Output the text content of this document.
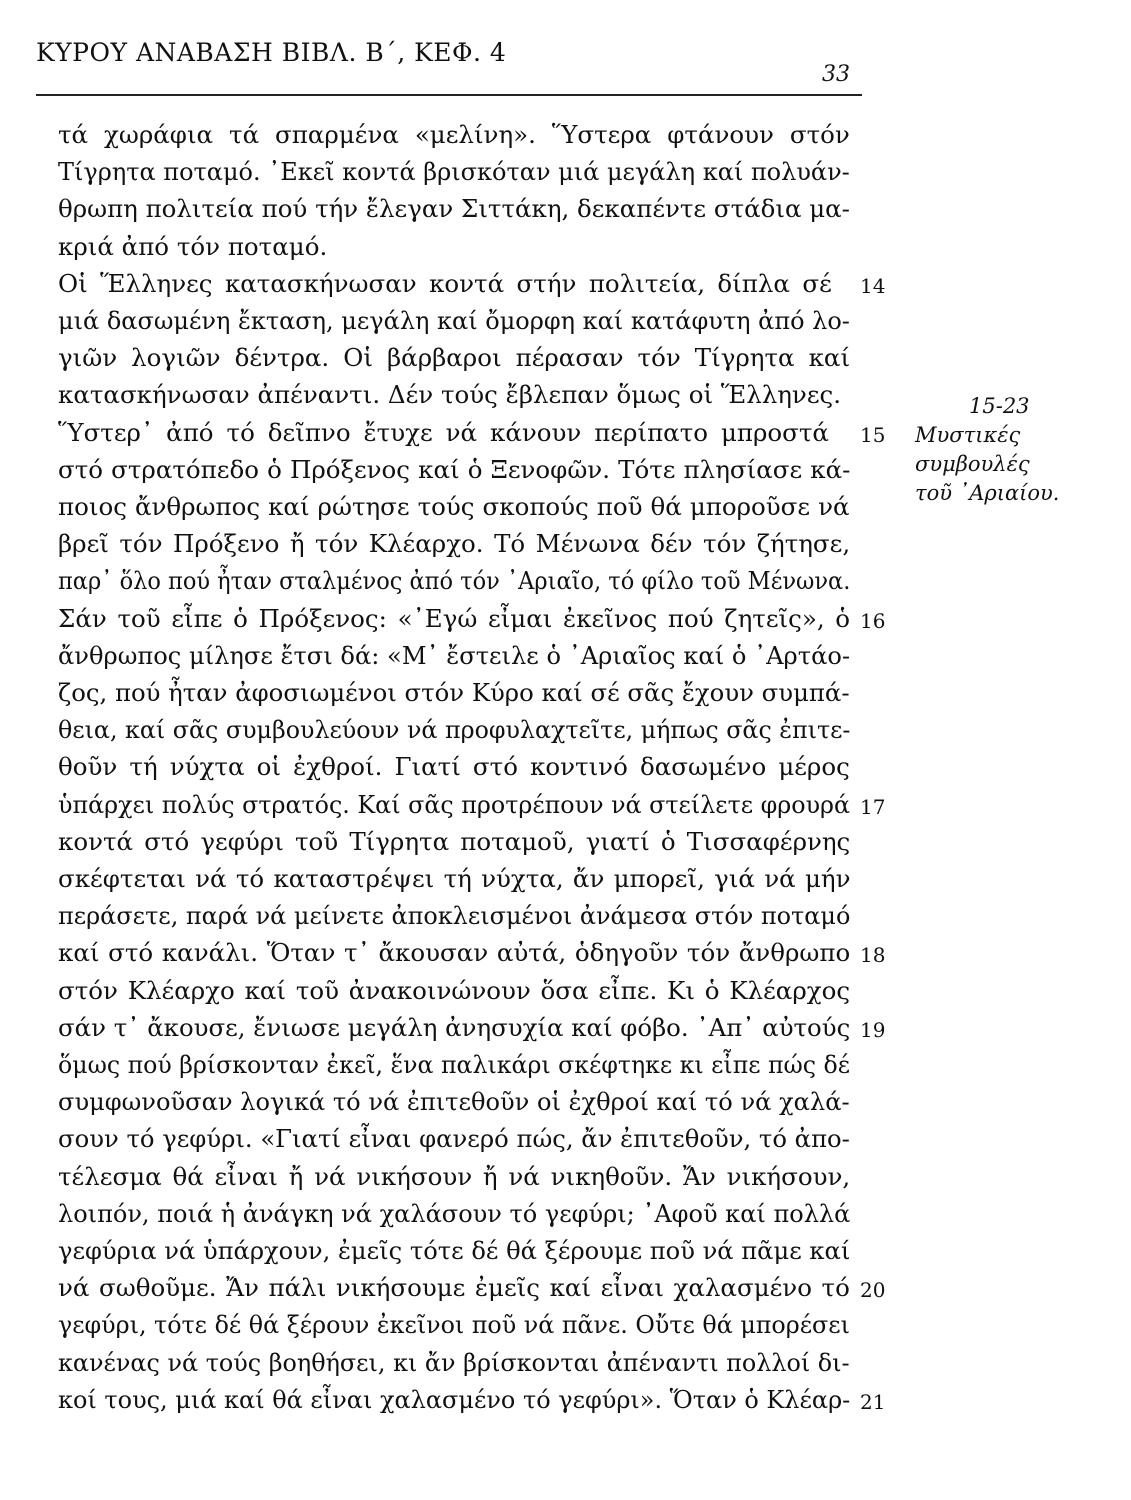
ΚΥΡΟΥ ΑΝΑΒΑΣΗ ΒΙΒΛ. Β΄, ΚΕΦ. 4
33
τά χωράφια τά σπαρμένα «μελίνη». Ὕστερα φτάνουν στόν
Τίγρητα ποταμό. ᾿Εκεῖ κοντά βρισκόταν μιά μεγάλη καί πολυάν-
θρωπη πολιτεία πού τήν ἔλεγαν Σιττάκη, δεκαπέντε στάδια μα-
κριά ἀπό τόν ποταμό.
Οἱ Ἕλληνες κατασκήνωσαν κοντά στήν πολιτεία, δίπλα σέ 14
μιά δασωμένη ἔκταση, μεγάλη καί ὄμορφη καί κατάφυτη ἀπό λο-
γιῶν λογιῶν δέντρα. Οἱ βάρβαροι πέρασαν τόν Τίγρητα καί
κατασκήνωσαν ἀπέναντι. Δέν τούς ἔβλεπαν ὅμως οἱ Ἕλληνες.
Ὕστερ᾿ ἀπό τό δεῖπνο ἔτυχε νά κάνουν περίπατο μπροστά 15
στό στρατόπεδο ὁ Πρόξενος καί ὁ Ξενοφῶν. Τότε πλησίασε κά-
ποιος ἄνθρωπος καί ρώτησε τούς σκοπούς ποῦ θά μποροῦσε νά
βρεῖ τόν Πρόξενο ἤ τόν Κλέαρχο. Τό Μένωνα δέν τόν ζήτησε,
παρ᾿ ὅλο πού ἦταν σταλμένος ἀπό τόν ᾿Αριαῖο, τό φίλο τοῦ Μένωνα.
Σάν τοῦ εἶπε ὁ Πρόξενος: «᾿Εγώ εἶμαι ἐκεῖνος πού ζητεῖς», ὁ 16
ἄνθρωπος μίλησε ἔτσι δά: «Μ᾿ ἔστειλε ὁ ᾿Αριαῖος καί ὁ ᾿Αρτάο-
ζος, πού ἦταν ἀφοσιωμένοι στόν Κύρο καί σέ σᾶς ἔχουν συμπά-
θεια, καί σᾶς συμβουλεύουν νά προφυλαχτεῖτε, μήπως σᾶς ἐπιτε-
θοῦν τή νύχτα οἱ ἐχθροί. Γιατί στό κοντινό δασωμένο μέρος
ὑπάρχει πολύς στρατός. Καί σᾶς προτρέπουν νά στείλετε φρουρά 17
κοντά στό γεφύρι τοῦ Τίγρητα ποταμοῦ, γιατί ὁ Τισσαφέρνης
σκέφτεται νά τό καταστρέψει τή νύχτα, ἄν μπορεῖ, γιά νά μήν
περάσετε, παρά νά μείνετε ἀποκλεισμένοι ἀνάμεσα στόν ποταμό
καί στό κανάλι. Ὅταν τ᾿ ἄκουσαν αὐτά, ὁδηγοῦν τόν ἄνθρωπο 18
στόν Κλέαρχο καί τοῦ ἀνακοινώνουν ὅσα εἶπε. Κι ὁ Κλέαρχος
σάν τ᾿ ἄκουσε, ἔνιωσε μεγάλη ἀνησυχία καί φόβο. ᾿Απ᾿ αὐτούς 19
ὅμως πού βρίσκονταν ἐκεῖ, ἕνα παλικάρι σκέφτηκε κι εἶπε πώς δέ
συμφωνοῦσαν λογικά τό νά ἐπιτεθοῦν οἱ ἐχθροί καί τό νά χαλά-
σουν τό γεφύρι. «Γιατί εἶναι φανερό πώς, ἄν ἐπιτεθοῦν, τό ἀπο-
τέλεσμα θά εἶναι ἤ νά νικήσουν ἤ νά νικηθοῦν. Ἄν νικήσουν,
λοιπόν, ποιά ἡ ἀνάγκη νά χαλάσουν τό γεφύρι; ᾿Αφοῦ καί πολλά
γεφύρια νά ὑπάρχουν, ἐμεῖς τότε δέ θά ξέρουμε ποῦ νά πᾶμε καί
νά σωθοῦμε. Ἄν πάλι νικήσουμε ἐμεῖς καί εἶναι χαλασμένο τό 20
γεφύρι, τότε δέ θά ξέρουν ἐκεῖνοι ποῦ νά πᾶνε. Οὔτε θά μπορέσει
κανένας νά τούς βοηθήσει, κι ἄν βρίσκονται ἀπέναντι πολλοί δι-
κοί τους, μιά καί θά εἶναι χαλασμένο τό γεφύρι». Ὅταν ὁ Κλέαρ- 21
15-23
Μυστικές
συμβουλές
τοῦ ᾿Αριαίου.
